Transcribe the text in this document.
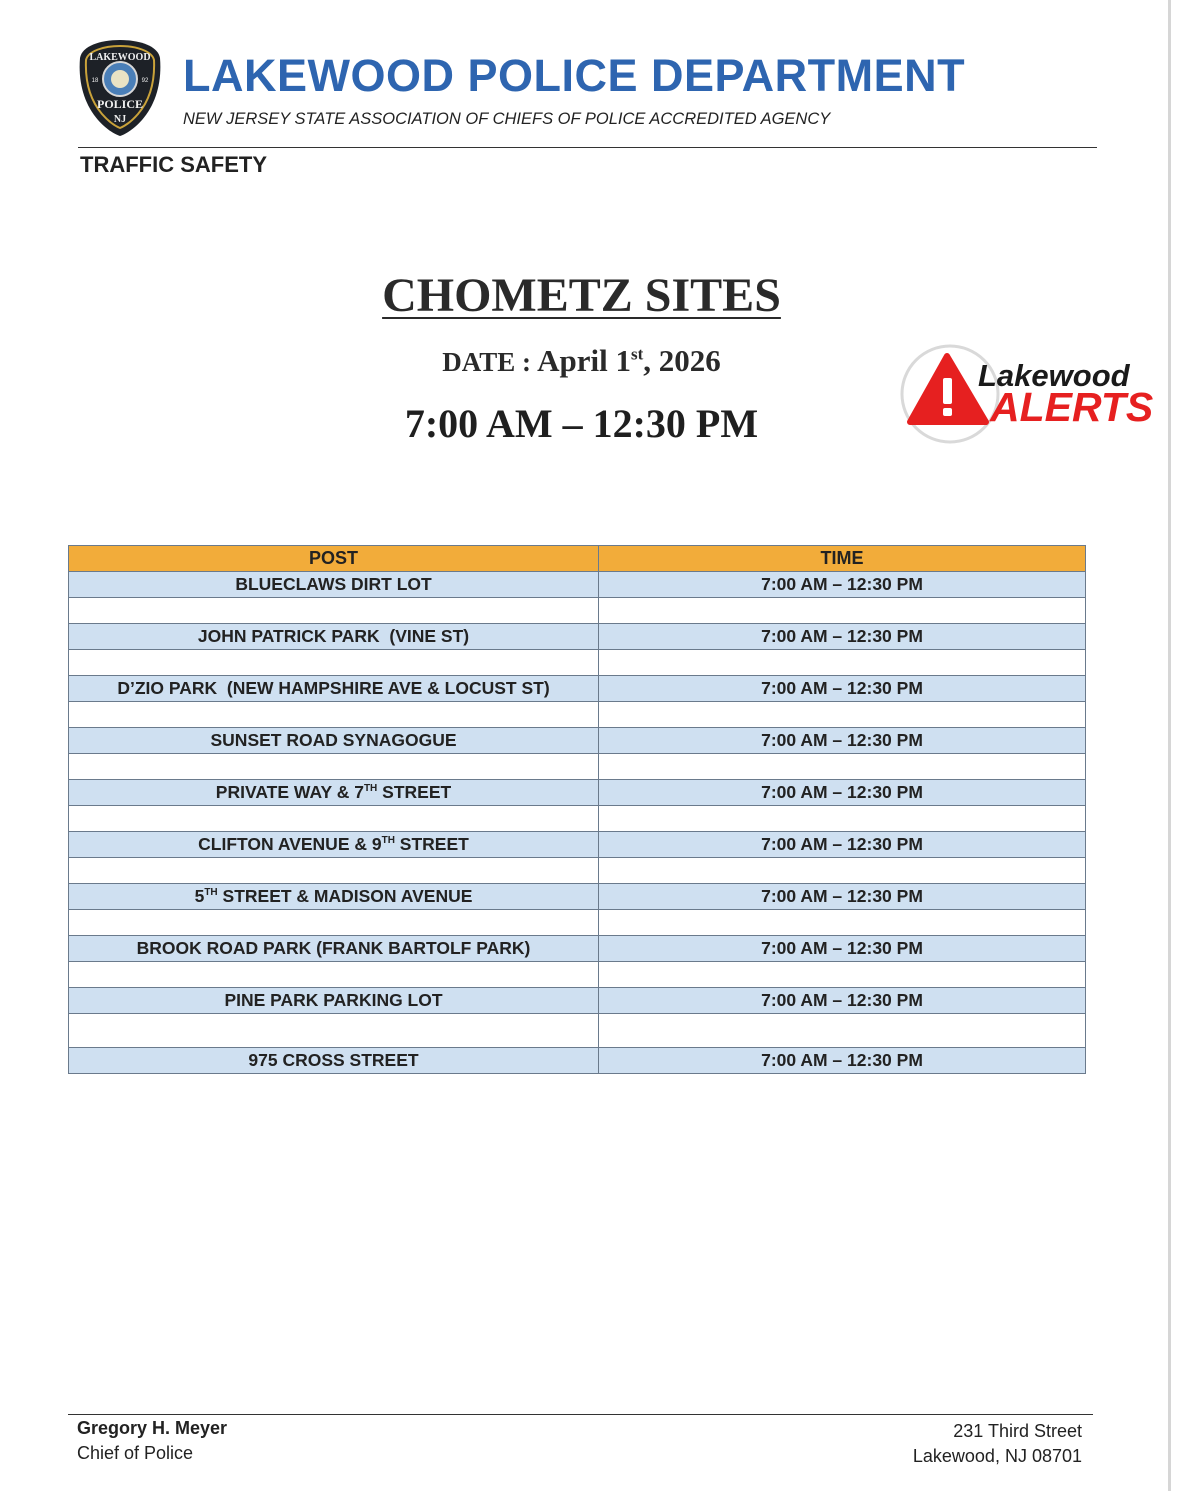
LAKEWOOD
18	92
POLICE
NJ
LAKEWOOD POLICE DEPARTMENT
NEW JERSEY STATE ASSOCIATION OF CHIEFS OF POLICE ACCREDITED AGENCY
TRAFFIC SAFETY
CHOMETZ SITES
DATE : April 1st, 2026
7:00 AM – 12:30 PM
Lakewood
ALERTS
POST	TIME
BLUECLAWS DIRT LOT	7:00 AM – 12:30 PM

JOHN PATRICK PARK  (VINE ST)	7:00 AM – 12:30 PM

D’ZIO PARK  (NEW HAMPSHIRE AVE & LOCUST ST)	7:00 AM – 12:30 PM

SUNSET ROAD SYNAGOGUE	7:00 AM – 12:30 PM

PRIVATE WAY & 7TH STREET	7:00 AM – 12:30 PM

CLIFTON AVENUE & 9TH STREET	7:00 AM – 12:30 PM

5TH STREET & MADISON AVENUE	7:00 AM – 12:30 PM

BROOK ROAD PARK (FRANK BARTOLF PARK)	7:00 AM – 12:30 PM

PINE PARK PARKING LOT	7:00 AM – 12:30 PM

975 CROSS STREET	7:00 AM – 12:30 PM
Gregory H. Meyer
Chief of Police
231 Third Street
Lakewood, NJ 08701
